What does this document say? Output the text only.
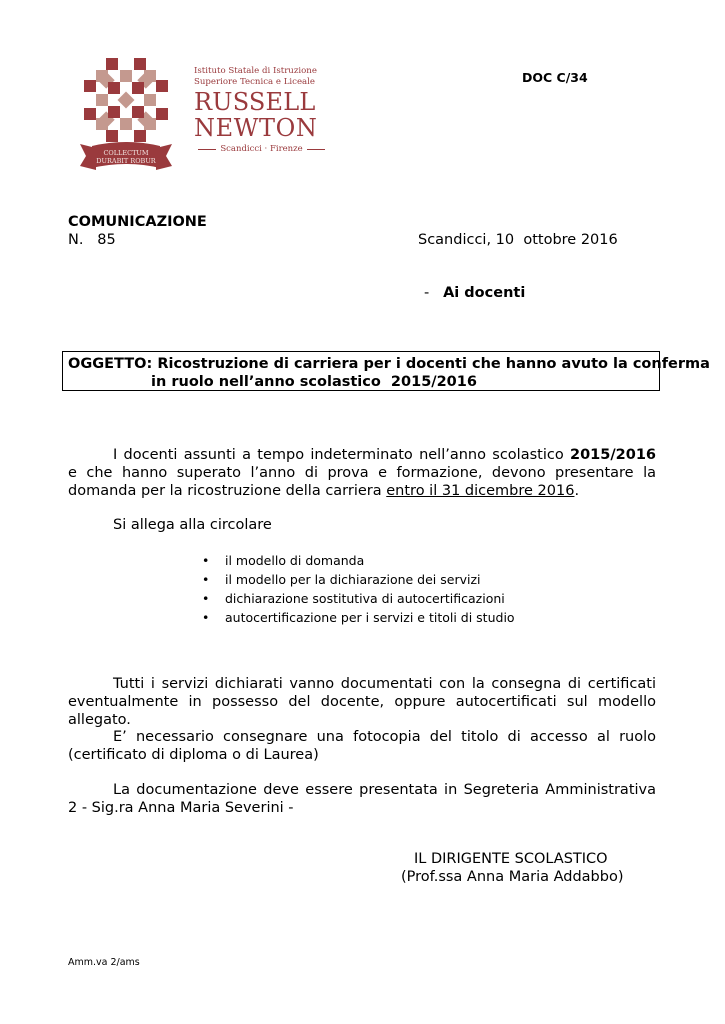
COLLECTUM
DURABIT ROBUR
Istituto Statale di Istruzione
Superiore Tecnica e Liceale
RUSSELL
NEWTON
Scandicci · Firenze
DOC C/34
COMUNICAZIONE
N.   85	Scandicci, 10  ottobre 2016
- Ai docenti
OGGETTO: Ricostruzione di carriera per i docenti che hanno avuto la conferma
in ruolo nell’anno scolastico  2015/2016
I docenti assunti a tempo indeterminato nell’anno scolastico 2015/2016 e che hanno superato l’anno di prova e formazione, devono presentare la domanda per la ricostruzione della carriera entro il 31 dicembre 2016.
Si allega alla circolare
• il modello di domanda
• il modello per la dichiarazione dei servizi
• dichiarazione sostitutiva di autocertificazioni
• autocertificazione per i servizi e titoli di studio
Tutti i servizi dichiarati vanno documentati con la consegna di certificati eventualmente in possesso del docente, oppure autocertificati sul modello allegato.
E’ necessario consegnare una fotocopia del titolo di accesso al ruolo (certificato di diploma o di Laurea)
La documentazione deve essere presentata in Segreteria Amministrativa 2 - Sig.ra Anna Maria Severini -
IL DIRIGENTE SCOLASTICO
(Prof.ssa Anna Maria Addabbo)
Amm.va 2/ams
